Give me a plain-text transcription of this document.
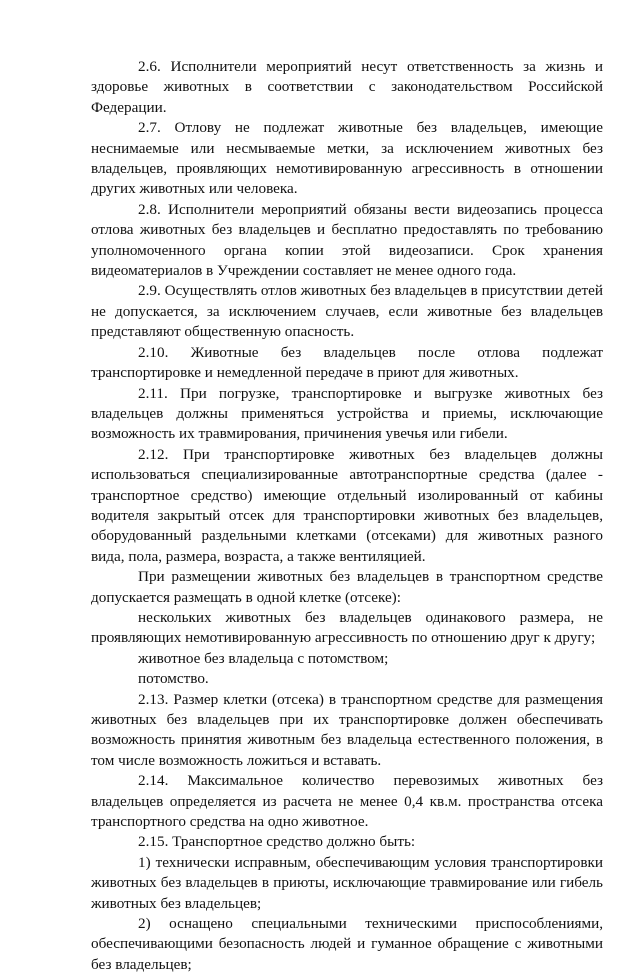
2.6. Исполнители мероприятий несут ответственность за жизнь и здоровье животных в соответствии с законодательством Российской Федерации.

2.7. Отлову не подлежат животные без владельцев, имеющие неснимаемые или несмываемые метки, за исключением животных без владельцев, проявляющих немотивированную агрессивность в отношении других животных или человека.

2.8. Исполнители мероприятий обязаны вести видеозапись процесса отлова животных без владельцев и бесплатно предоставлять по требованию уполномоченного органа копии этой видеозаписи. Срок хранения видеоматериалов в Учреждении составляет не менее одного года.

2.9. Осуществлять отлов животных без владельцев в присутствии детей не допускается, за исключением случаев, если животные без владельцев представляют общественную опасность.

2.10. Животные без владельцев после отлова подлежат транспортировке и немедленной передаче в приют для животных.

2.11. При погрузке, транспортировке и выгрузке животных без владельцев должны применяться устройства и приемы, исключающие возможность их травмирования, причинения увечья или гибели.

2.12. При транспортировке животных без владельцев должны использоваться специализированные автотранспортные средства (далее - транспортное средство) имеющие отдельный изолированный от кабины водителя закрытый отсек для транспортировки животных без владельцев, оборудованный раздельными клетками (отсеками) для животных разного вида, пола, размера, возраста, а также вентиляцией.

При размещении животных без владельцев в транспортном средстве допускается размещать в одной клетке (отсеке):

нескольких животных без владельцев одинакового размера, не проявляющих немотивированную агрессивность по отношению друг к другу;

животное без владельца с потомством;

потомство.

2.13. Размер клетки (отсека) в транспортном средстве для размещения животных без владельцев при их транспортировке должен обеспечивать возможность принятия животным без владельца естественного положения, в том числе возможность ложиться и вставать.

2.14. Максимальное количество перевозимых животных без владельцев определяется из расчета не менее 0,4 кв.м. пространства отсека транспортного средства на одно животное.

2.15. Транспортное средство должно быть:

1) технически исправным, обеспечивающим условия транспортировки животных без владельцев в приюты, исключающие травмирование или гибель животных без владельцев;

2) оснащено специальными техническими приспособлениями, обеспечивающими безопасность людей и гуманное обращение с животными без владельцев;
